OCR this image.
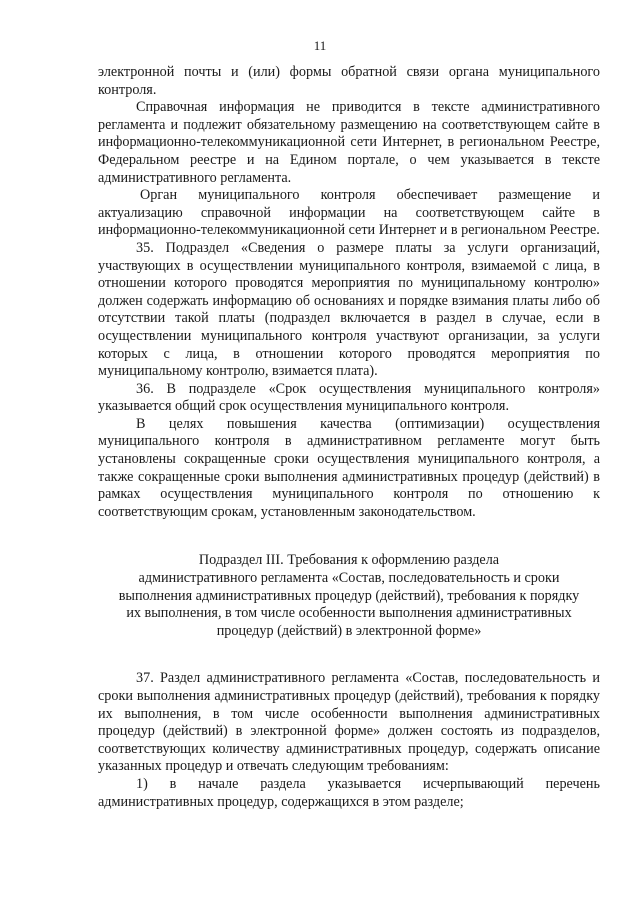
11

электронной почты и (или) формы обратной связи органа муниципального контроля.

Справочная информация не приводится в тексте административного регламента и подлежит обязательному размещению на соответствующем сайте в информационно-телекоммуникационной сети Интернет, в региональном Реестре, Федеральном реестре и на Едином портале, о чем указывается в тексте административного регламента.

Орган муниципального контроля обеспечивает размещение и актуализацию справочной информации на соответствующем сайте в информационно-телекоммуникационной сети Интернет и в региональном Реестре.

35. Подраздел «Сведения о размере платы за услуги организаций, участвующих в осуществлении муниципального контроля, взимаемой с лица, в отношении которого проводятся мероприятия по муниципальному контролю» должен содержать информацию об основаниях и порядке взимания платы либо об отсутствии такой платы (подраздел включается в раздел в случае, если в осуществлении муниципального контроля участвуют организации, за услуги которых с лица, в отношении которого проводятся мероприятия по муниципальному контролю, взимается плата).

36. В подразделе «Срок осуществления муниципального контроля» указывается общий срок осуществления муниципального контроля.

В целях повышения качества (оптимизации) осуществления муниципального контроля в административном регламенте могут быть установлены сокращенные сроки осуществления муниципального контроля, а также сокращенные сроки выполнения административных процедур (действий) в рамках осуществления муниципального контроля по отношению к соответствующим срокам, установленным законодательством.

Подраздел III. Требования к оформлению раздела
административного регламента «Состав, последовательность и сроки
выполнения административных процедур (действий), требования к порядку
их выполнения, в том числе особенности выполнения административных
процедур (действий) в электронной форме»

37. Раздел административного регламента «Состав, последовательность и сроки выполнения административных процедур (действий), требования к порядку их выполнения, в том числе особенности выполнения административных процедур (действий) в электронной форме» должен состоять из подразделов, соответствующих количеству административных процедур, содержать описание указанных процедур и отвечать следующим требованиям:

1) в начале раздела указывается исчерпывающий перечень административных процедур, содержащихся в этом разделе;
